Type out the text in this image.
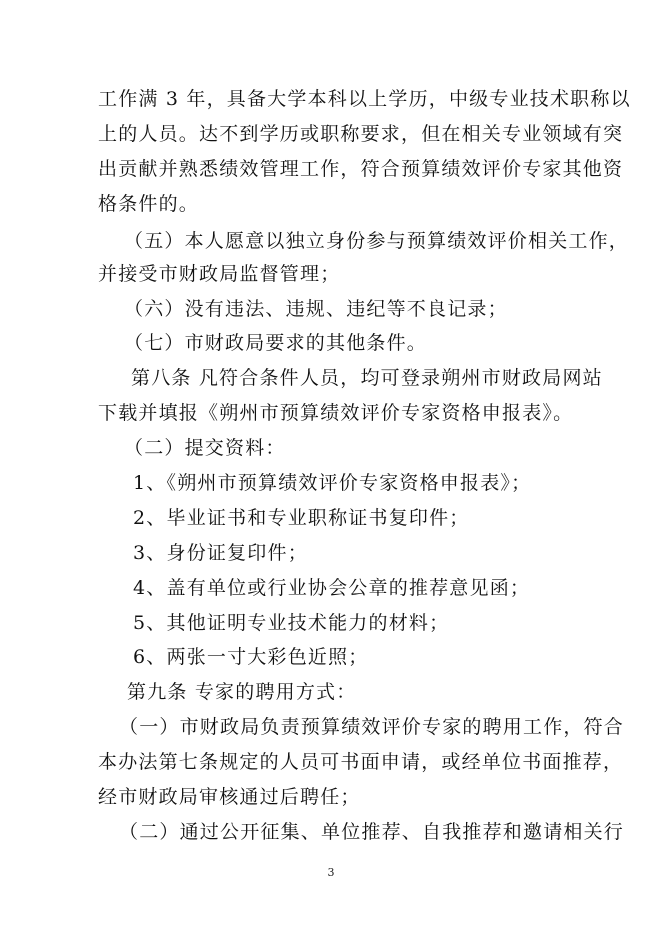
工作满 3 年，具备大学本科以上学历，中级专业技术职称以
上的人员。达不到学历或职称要求，但在相关专业领域有突
出贡献并熟悉绩效管理工作，符合预算绩效评价专家其他资
格条件的。
（五）本人愿意以独立身份参与预算绩效评价相关工作，
并接受市财政局监督管理；
（六）没有违法、违规、违纪等不良记录；
（七）市财政局要求的其他条件。
第八条 凡符合条件人员，均可登录朔州市财政局网站
下载并填报《朔州市预算绩效评价专家资格申报表》。
（二）提交资料：
1、《朔州市预算绩效评价专家资格申报表》；
2、毕业证书和专业职称证书复印件；
3、身份证复印件；
4、盖有单位或行业协会公章的推荐意见函；
5、其他证明专业技术能力的材料；
6、两张一寸大彩色近照；
第九条 专家的聘用方式：
（一）市财政局负责预算绩效评价专家的聘用工作，符合
本办法第七条规定的人员可书面申请，或经单位书面推荐，
经市财政局审核通过后聘任；
（二）通过公开征集、单位推荐、自我推荐和邀请相关行
3
